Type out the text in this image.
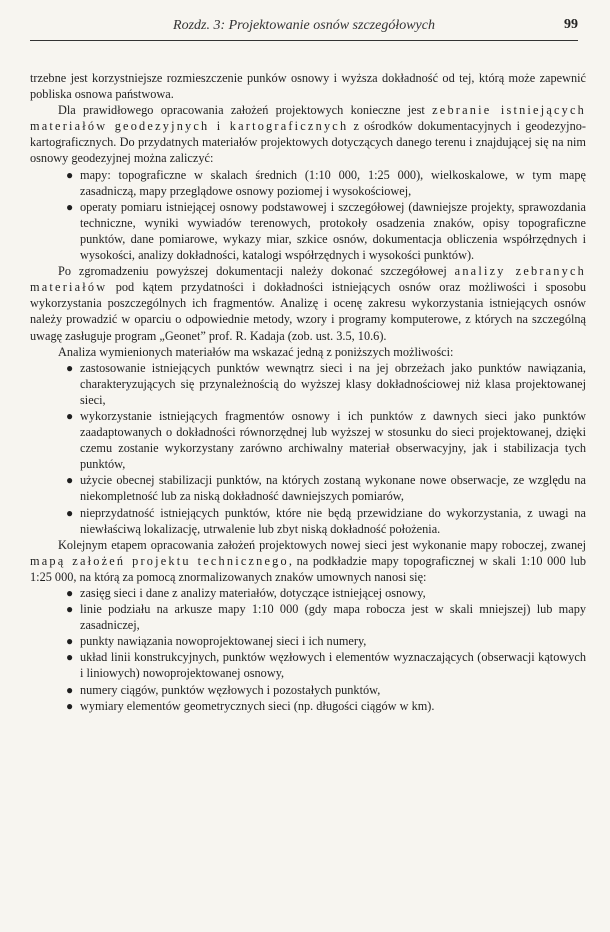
Rozdz. 3: Projektowanie osnów szczegółowych	99

trzebne jest korzystniejsze rozmieszczenie punków osnowy i wyższa dokładność od tej, którą może zapewnić pobliska osnowa państwowa.

Dla prawidłowego opracowania założeń projektowych konieczne jest zebranie istniejących materiałów geodezyjnych i kartograficznych z ośrodków dokumentacyjnych i geodezyjno-kartograficznych. Do przydatnych materiałów projektowych dotyczących danego terenu i znajdującej się na nim osnowy geodezyjnej można zaliczyć:

● mapy: topograficzne w skalach średnich (1:10 000, 1:25 000), wielkoskalowe, w tym mapę zasadniczą, mapy przeglądowe osnowy poziomej i wysokościowej,
● operaty pomiaru istniejącej osnowy podstawowej i szczegółowej (dawniejsze projekty, sprawozdania techniczne, wyniki wywiadów terenowych, protokoły osadzenia znaków, opisy topograficzne punktów, dane pomiarowe, wykazy miar, szkice osnów, dokumentacja obliczenia współrzędnych i wysokości, analizy dokładności, katalogi współrzędnych i wysokości punktów).

Po zgromadzeniu powyższej dokumentacji należy dokonać szczegółowej analizy zebranych materiałów pod kątem przydatności i dokładności istniejących osnów oraz możliwości i sposobu wykorzystania poszczególnych ich fragmentów. Analizę i ocenę zakresu wykorzystania istniejących osnów należy prowadzić w oparciu o odpowiednie metody, wzory i programy komputerowe, z których na szczególną uwagę zasługuje program „Geonet” prof. R. Kadaja (zob. ust. 3.5, 10.6).

Analiza wymienionych materiałów ma wskazać jedną z poniższych możliwości:

● zastosowanie istniejących punktów wewnątrz sieci i na jej obrzeżach jako punktów nawiązania, charakteryzujących się przynależnością do wyższej klasy dokładnościowej niż klasa projektowanej sieci,
● wykorzystanie istniejących fragmentów osnowy i ich punktów z dawnych sieci jako punktów zaadaptowanych o dokładności równorzędnej lub wyższej w stosunku do sieci projektowanej, dzięki czemu zostanie wykorzystany zarówno archiwalny materiał obserwacyjny, jak i stabilizacja tych punktów,
● użycie obecnej stabilizacji punktów, na których zostaną wykonane nowe obserwacje, ze względu na niekompletność lub za niską dokładność dawniejszych pomiarów,
● nieprzydatność istniejących punktów, które nie będą przewidziane do wykorzystania, z uwagi na niewłaściwą lokalizację, utrwalenie lub zbyt niską dokładność położenia.

Kolejnym etapem opracowania założeń projektowych nowej sieci jest wykonanie mapy roboczej, zwanej mapą założeń projektu technicznego, na podkładzie mapy topograficznej w skali 1:10 000 lub 1:25 000, na którą za pomocą znormalizowanych znaków umownych nanosi się:

● zasięg sieci i dane z analizy materiałów, dotyczące istniejącej osnowy,
● linie podziału na arkusze mapy 1:10 000 (gdy mapa robocza jest w skali mniejszej) lub mapy zasadniczej,
● punkty nawiązania nowoprojektowanej sieci i ich numery,
● układ linii konstrukcyjnych, punktów węzłowych i elementów wyznaczających (obserwacji kątowych i liniowych) nowoprojektowanej osnowy,
● numery ciągów, punktów węzłowych i pozostałych punktów,
● wymiary elementów geometrycznych sieci (np. długości ciągów w km).
